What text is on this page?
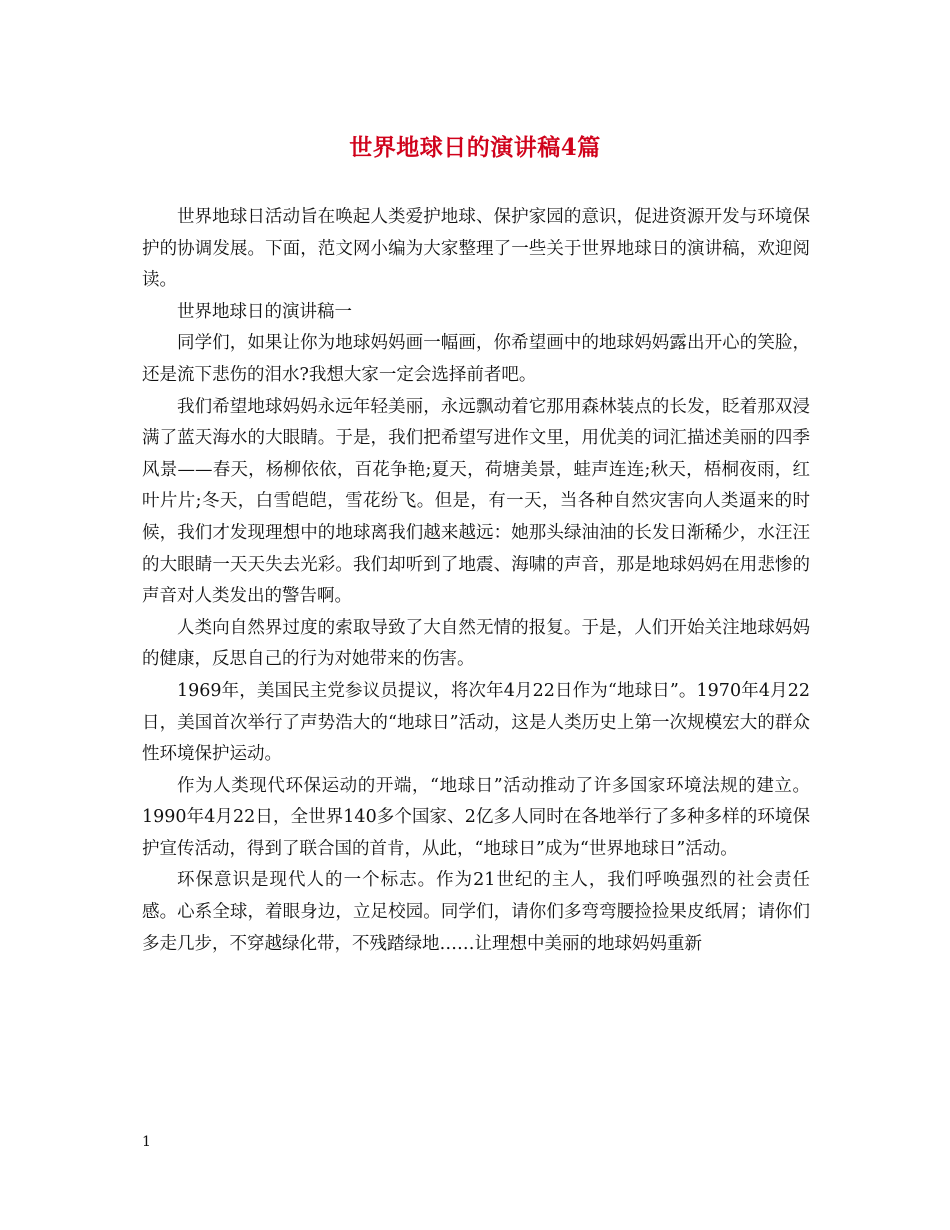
世界地球日的演讲稿4篇

世界地球日活动旨在唤起人类爱护地球、保护家园的意识，促进资源开发与环境保护的协调发展。下面，范文网小编为大家整理了一些关于世界地球日的演讲稿，欢迎阅读。

世界地球日的演讲稿一

同学们，如果让你为地球妈妈画一幅画，你希望画中的地球妈妈露出开心的笑脸，还是流下悲伤的泪水?我想大家一定会选择前者吧。

我们希望地球妈妈永远年轻美丽，永远飘动着它那用森林装点的长发，眨着那双浸满了蓝天海水的大眼睛。于是，我们把希望写进作文里，用优美的词汇描述美丽的四季风景——春天，杨柳依依，百花争艳;夏天，荷塘美景，蛙声连连;秋天，梧桐夜雨，红叶片片;冬天，白雪皑皑，雪花纷飞。但是，有一天，当各种自然灾害向人类逼来的时候，我们才发现理想中的地球离我们越来越远：她那头绿油油的长发日渐稀少，水汪汪的大眼睛一天天失去光彩。我们却听到了地震、海啸的声音，那是地球妈妈在用悲惨的声音对人类发出的警告啊。

人类向自然界过度的索取导致了大自然无情的报复。于是，人们开始关注地球妈妈的健康，反思自己的行为对她带来的伤害。

1969年，美国民主党参议员提议，将次年4月22日作为“地球日”。1970年4月22日，美国首次举行了声势浩大的“地球日”活动，这是人类历史上第一次规模宏大的群众性环境保护运动。

作为人类现代环保运动的开端，“地球日”活动推动了许多国家环境法规的建立。1990年4月22日，全世界140多个国家、2亿多人同时在各地举行了多种多样的环境保护宣传活动，得到了联合国的首肯，从此，“地球日”成为“世界地球日”活动。

环保意识是现代人的一个标志。作为21世纪的主人，我们呼唤强烈的社会责任感。心系全球，着眼身边，立足校园。同学们，请你们多弯弯腰捡捡果皮纸屑；请你们多走几步，不穿越绿化带，不残踏绿地……让理想中美丽的地球妈妈重新

1
